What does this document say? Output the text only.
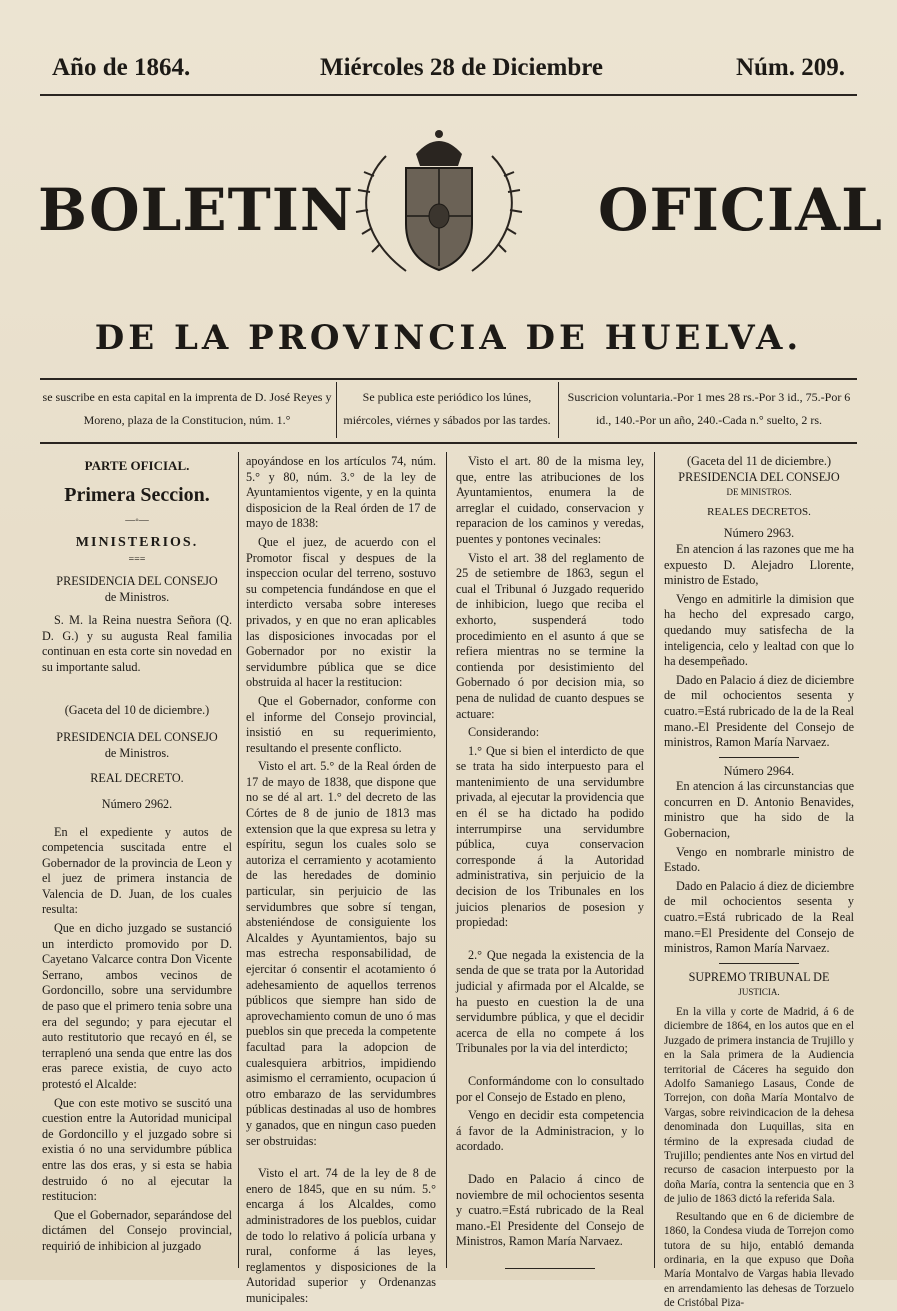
Año de 1864.	Miércoles 28 de Diciembre	Núm. 209.
BOLETIN	OFICIAL
DE LA PROVINCIA DE HUELVA.
se suscribe en esta capital en la imprenta de D. José Reyes y Moreno, plaza de la Constitucion, núm. 1.°
Se publica este periódico los lúnes, miércoles, viérnes y sábados por las tardes.
Suscricion voluntaria.-Por 1 mes 28 rs.-Por 3 id., 75.-Por 6 id., 140.-Por un año, 240.-Cada n.° suelto, 2 rs.
PARTE OFICIAL.
Primera Seccion.
—◦—
MINISTERIOS.
===
PRESIDENCIA DEL CONSEJO
de Ministros.

S. M. la Reina nuestra Señora (Q. D. G.) y su augusta Real familia continuan en esta corte sin novedad en su importante salud.

(Gaceta del 10 de diciembre.)
PRESIDENCIA DEL CONSEJO
de Ministros.
REAL DECRETO.
Número 2962.

En el expediente y autos de competencia suscitada entre el Gobernador de la provincia de Leon y el juez de primera instancia de Valencia de D. Juan, de los cuales resulta:

Que en dicho juzgado se sustanció un interdicto promovido por D. Cayetano Valcarce contra Don Vicente Serrano, ambos vecinos de Gordoncillo, sobre una servidumbre de paso que el primero tenia sobre una era del segundo; y para ejecutar el auto restitutorio que recayó en él, se terraplenó una senda que entre las dos eras parece existia, de cuyo acto protestó el Alcalde:

Que con este motivo se suscitó una cuestion entre la Autoridad municipal de Gordoncillo y el juzgado sobre si existia ó no una servidumbre pública entre las dos eras, y si esta se habia destruido ó no al ejecutar la restitucion:

Que el Gobernador, separándose del dictámen del Consejo provincial, requirió de inhibicion al juzgado

apoyándose en los artículos 74, núm. 5.° y 80, núm. 3.° de la ley de Ayuntamientos vigente, y en la quinta disposicion de la Real órden de 17 de mayo de 1838:

Que el juez, de acuerdo con el Promotor fiscal y despues de la inspeccion ocular del terreno, sostuvo su competencia fundándose en que el interdicto versaba sobre intereses privados, y en que no eran aplicables las disposiciones invocadas por el Gobernador por no existir la servidumbre pública que se dice obstruida al hacer la restitucion:

Que el Gobernador, conforme con el informe del Consejo provincial, insistió en su requerimiento, resultando el presente conflicto.

Visto el art. 5.° de la Real órden de 17 de mayo de 1838, que dispone que no se dé al art. 1.° del decreto de las Córtes de 8 de junio de 1813 mas extension que la que expresa su letra y espíritu, segun los cuales solo se autoriza el cerramiento y acotamiento de las heredades de dominio particular, sin perjuicio de las servidumbres que sobre sí tengan, absteniéndose de consiguiente los Alcaldes y Ayuntamientos, bajo su mas estrecha responsabilidad, de ejercitar ó consentir el acotamiento ó adehesamiento de aquellos terrenos públicos que siempre han sido de aprovechamiento comun de uno ó mas pueblos sin que preceda la competente facultad para la adopcion de cualesquiera arbitrios, impidiendo asimismo el cerramiento, ocupacion ú otro embarazo de las servidumbres públicas destinadas al uso de hombres y ganados, que en ningun caso pueden ser obstruidas:

Visto el art. 74 de la ley de 8 de enero de 1845, que en su núm. 5.° encarga á los Alcaldes, como administradores de los pueblos, cuidar de todo lo relativo á policía urbana y rural, conforme á las leyes, reglamentos y disposiciones de la Autoridad superior y Ordenanzas municipales:

Visto el art. 80 de la misma ley, que, entre las atribuciones de los Ayuntamientos, enumera la de arreglar el cuidado, conservacion y reparacion de los caminos y veredas, puentes y pontones vecinales:

Visto el art. 38 del reglamento de 25 de setiembre de 1863, segun el cual el Tribunal ó Juzgado requerido de inhibicion, luego que reciba el exhorto, suspenderá todo procedimiento en el asunto á que se refiera mientras no se termine la contienda por desistimiento del Gobernado ó por decision mia, so pena de nulidad de cuanto despues se actuare:

Considerando:

1.° Que si bien el interdicto de que se trata ha sido interpuesto para el mantenimiento de una servidumbre privada, al ejecutar la providencia que en él se ha dictado ha podido interrumpirse una servidumbre pública, cuya conservacion corresponde á la Autoridad administrativa, sin perjuicio de la decision de los Tribunales en los juicios plenarios de posesion y propiedad:

2.° Que negada la existencia de la senda de que se trata por la Autoridad judicial y afirmada por el Alcalde, se ha puesto en cuestion la de una servidumbre pública, y que el decidir acerca de ella no compete á los Tribunales por la via del interdicto;

Conformándome con lo consultado por el Consejo de Estado en pleno,

Vengo en decidir esta competencia á favor de la Administracion, y lo acordado.

Dado en Palacio á cinco de noviembre de mil ochocientos sesenta y cuatro.=Está rubricado de la Real mano.-El Presidente del Consejo de Ministros, Ramon María Narvaez.

(Gaceta del 11 de diciembre.)
PRESIDENCIA DEL CONSEJO
DE MINISTROS.
REALES DECRETOS.
Número 2963.

En atencion á las razones que me ha expuesto D. Alejadro Llorente, ministro de Estado,

Vengo en admitirle la dimision que ha hecho del expresado cargo, quedando muy satisfecha de la inteligencia, celo y lealtad con que lo ha desempeñado.

Dado en Palacio á diez de diciembre de mil ochocientos sesenta y cuatro.=Está rubricado de la de la Real mano.-El Presidente del Consejo de ministros, Ramon María Narvaez.

Número 2964.

En atencion á las circunstancias que concurren en D. Antonio Benavides, ministro que ha sido de la Gobernacion,

Vengo en nombrarle ministro de Estado.

Dado en Palacio á diez de diciembre de mil ochocientos sesenta y cuatro.=Está rubricado de la Real mano.=El Presidente del Consejo de ministros, Ramon María Narvaez.

SUPREMO TRIBUNAL DE
JUSTICIA.

En la villa y corte de Madrid, á 6 de diciembre de 1864, en los autos que en el Juzgado de primera instancia de Trujillo y en la Sala primera de la Audiencia territorial de Cáceres ha seguido don Adolfo Samaniego Lasaus, Conde de Torrejon, con doña María Montalvo de Vargas, sobre reivindicacion de la dehesa denominada don Luquillas, sita en término de la expresada ciudad de Trujillo; pendientes ante Nos en virtud del recurso de casacion interpuesto por la doña María, contra la sentencia que en 3 de julio de 1863 dictó la referida Sala.

Resultando que en 6 de diciembre de 1860, la Condesa viuda de Torrejon como tutora de su hijo, entabló demanda ordinaria, en la que expuso que Doña María Montalvo de Vargas habia llevado en arrendamiento las dehesas de Torzuelo de Cristóbal Piza-
